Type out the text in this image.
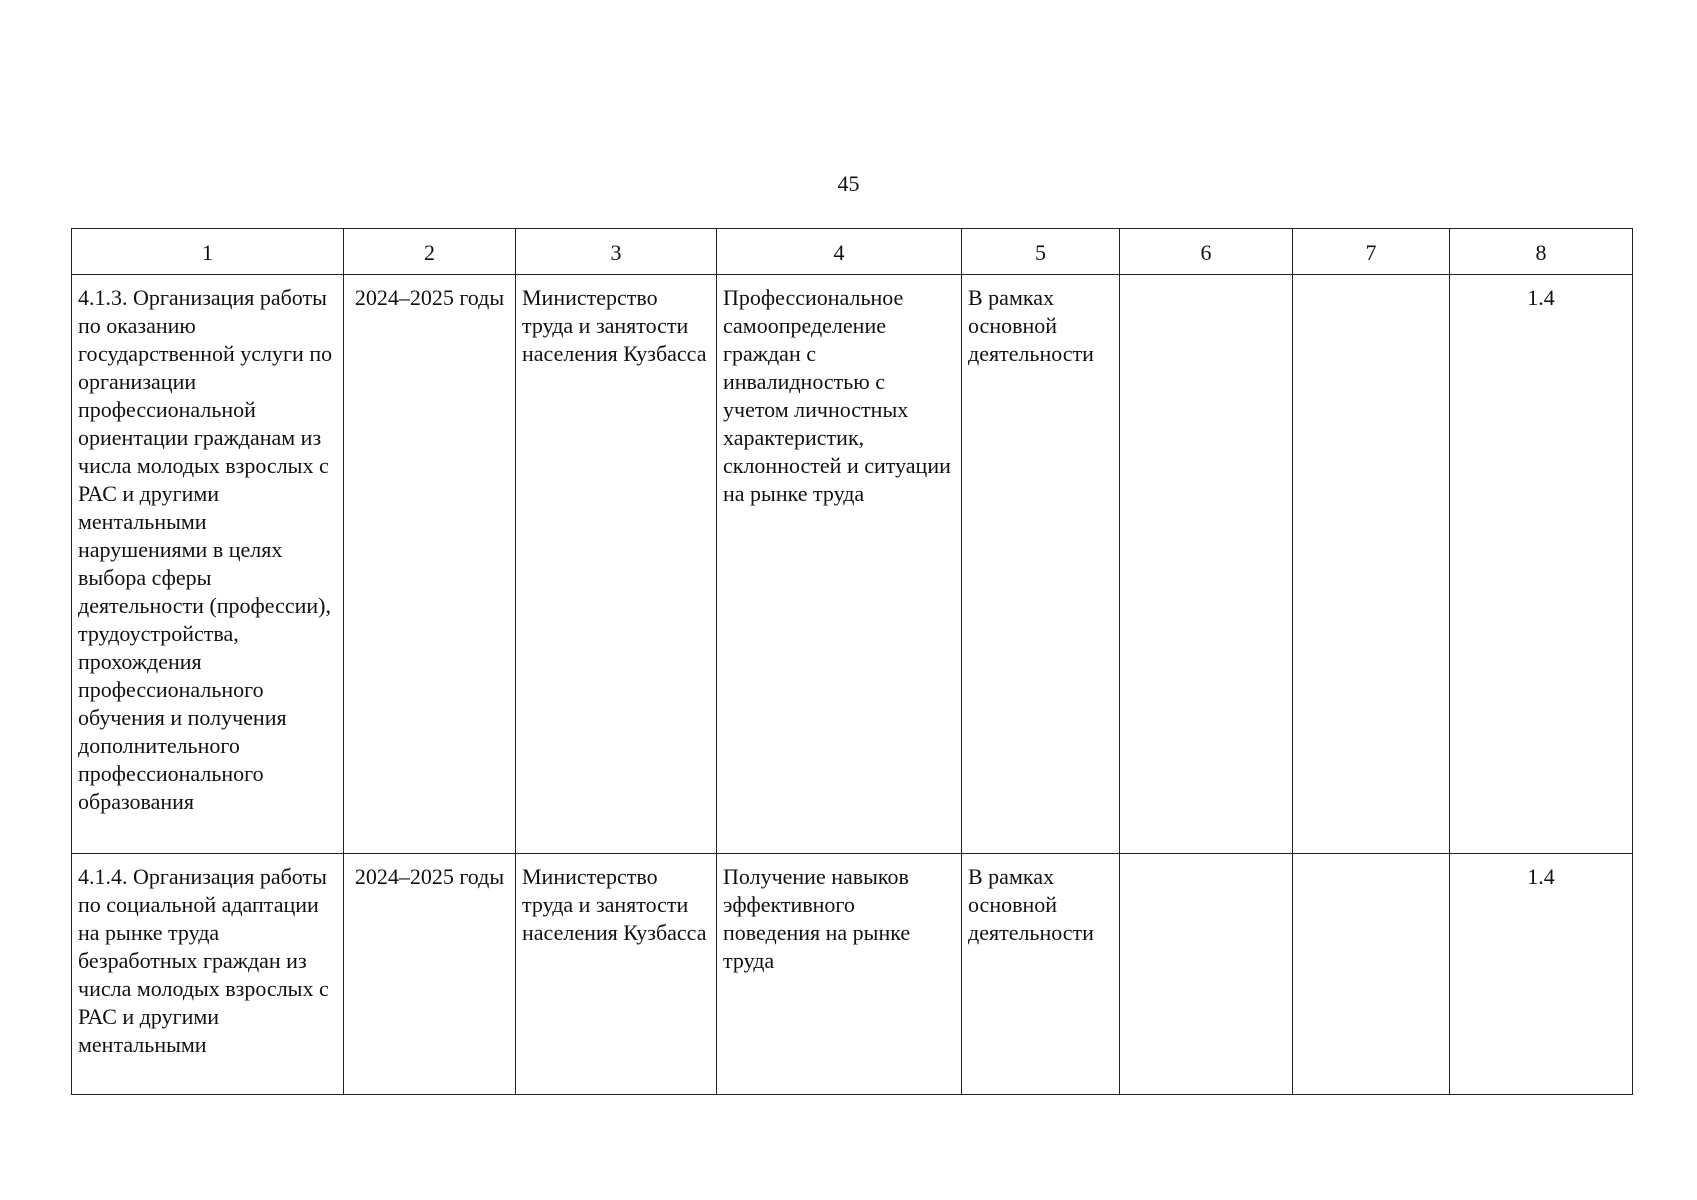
45
1	2	3	4	5	6	7	8
4.1.3. Организация работы по оказанию государственной услуги по организации профессиональной ориентации гражданам из числа молодых взрослых с РАС и другими ментальными нарушениями в целях выбора сферы деятельности (профессии), трудоустройства, прохождения профессионального обучения и получения дополнительного профессионального образования	2024–2025 годы	Министерство труда и занятости населения Кузбасса	Профессиональное самоопределение граждан с инвалидностью с учетом личностных характеристик, склонностей и ситуации на рынке труда	В рамках основной деятельности			1.4
4.1.4. Организация работы по социальной адаптации на рынке труда безработных граждан из числа молодых взрослых с РАС и другими ментальными	2024–2025 годы	Министерство труда и занятости населения Кузбасса	Получение навыков эффективного поведения на рынке труда	В рамках основной деятельности			1.4
